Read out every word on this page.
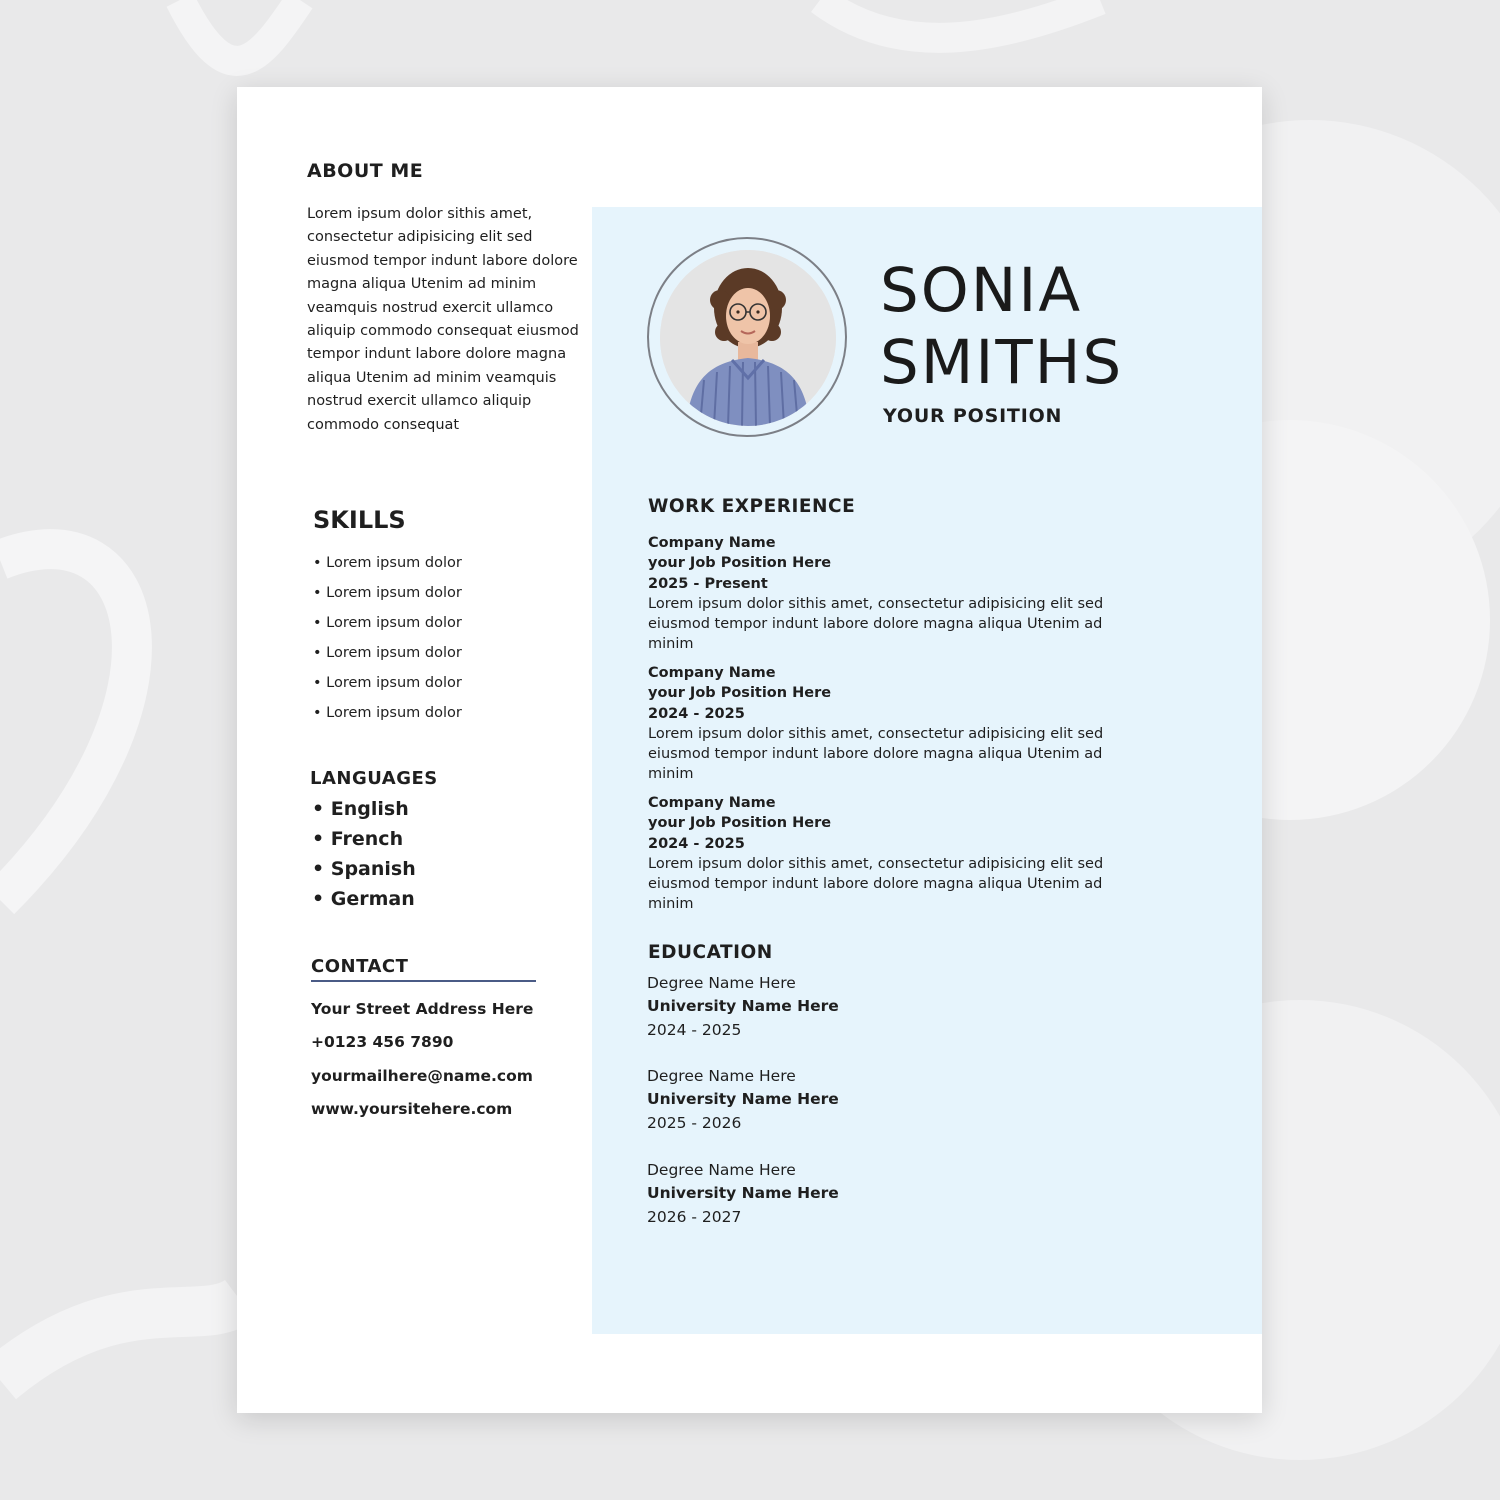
ABOUT ME
Lorem ipsum dolor sithis amet, consectetur adipisicing elit sed eiusmod tempor indunt labore dolore magna aliqua Utenim ad minim veamquis nostrud exercit ullamco aliquip commodo consequat eiusmod tempor indunt labore dolore magna aliqua Utenim ad minim veamquis nostrud exercit ullamco aliquip commodo consequat
SKILLS
• Lorem ipsum dolor
• Lorem ipsum dolor
• Lorem ipsum dolor
• Lorem ipsum dolor
• Lorem ipsum dolor
• Lorem ipsum dolor
LANGUAGES
• English
• French
• Spanish
• German
CONTACT
Your Street Address Here
+0123 456 7890
yourmailhere@name.com
www.yoursitehere.com
SONIA
SMITHS
YOUR POSITION
WORK EXPERIENCE
Company Name
your Job Position Here
2025 - Present
Lorem ipsum dolor sithis amet, consectetur adipisicing elit sed eiusmod tempor indunt labore dolore magna aliqua Utenim ad minim
Company Name
your Job Position Here
2024 - 2025
Lorem ipsum dolor sithis amet, consectetur adipisicing elit sed eiusmod tempor indunt labore dolore magna aliqua Utenim ad minim
Company Name
your Job Position Here
2024 - 2025
Lorem ipsum dolor sithis amet, consectetur adipisicing elit sed eiusmod tempor indunt labore dolore magna aliqua Utenim ad minim
EDUCATION
Degree Name Here
University Name Here
2024 - 2025
Degree Name Here
University Name Here
2025 - 2026
Degree Name Here
University Name Here
2026 - 2027
